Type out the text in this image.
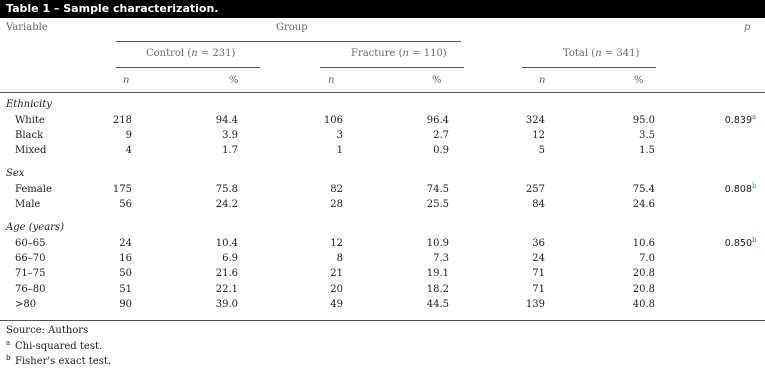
Table 1 – Sample characterization.
Variable	Group	p
Control (n = 231)	Fracture (n = 110)	Total (n = 341)
n	%	n	%	n	%
Ethnicity
White	218	94.4	106	96.4	324	95.0	0.839 a
Black	9	3.9	3	2.7	12	3.5
Mixed	4	1.7	1	0.9	5	1.5
Sex
Female	175	75.8	82	74.5	257	75.4	0.808 b
Male	56	24.2	28	25.5	84	24.6
Age (years)
60–65	24	10.4	12	10.9	36	10.6	0.850 b
66–70	16	6.9	8	7.3	24	7.0
71–75	50	21.6	21	19.1	71	20.8
76–80	51	22.1	20	18.2	71	20.8
>80	90	39.0	49	44.5	139	40.8
Source: Authors
a Chi-squared test.
b Fisher's exact test.
